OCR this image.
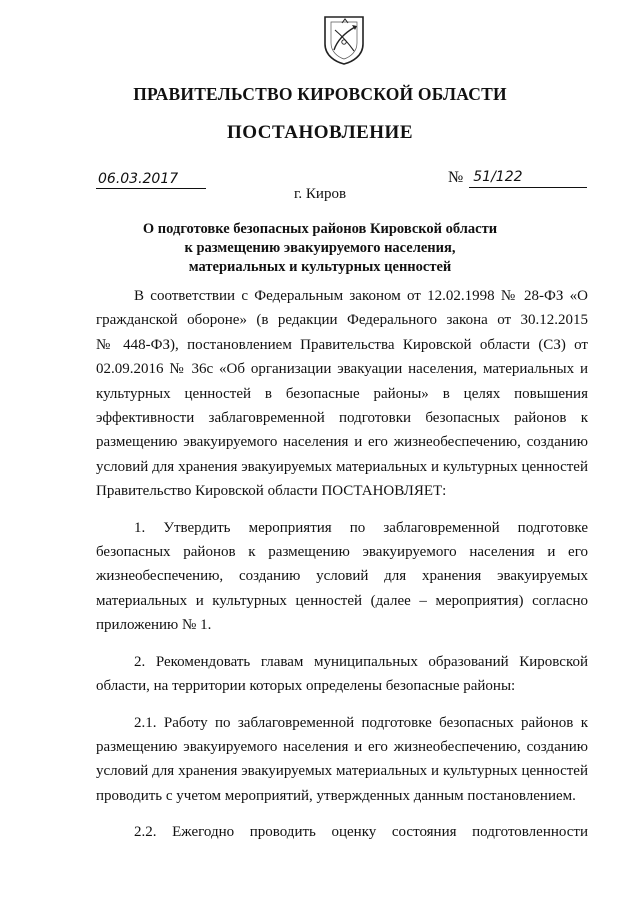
ПРАВИТЕЛЬСТВО КИРОВСКОЙ ОБЛАСТИ
ПОСТАНОВЛЕНИЕ
06.03.2017	№ 51/122
г. Киров
О подготовке безопасных районов Кировской области
к размещению эвакуируемого населения,
материальных и культурных ценностей

В соответствии с Федеральным законом от 12.02.1998 № 28-ФЗ «О
гражданской обороне» (в редакции Федерального закона от 30.12.2015
№ 448-ФЗ), постановлением Правительства Кировской области (СЗ) от
02.09.2016 № 36с «Об организации эвакуации населения, материальных и
культурных ценностей в безопасные районы» в целях повышения
эффективности заблаговременной подготовки безопасных районов к
размещению эвакуируемого населения и его жизнеобеспечению, созданию
условий для хранения эвакуируемых материальных и культурных ценностей
Правительство Кировской области ПОСТАНОВЛЯЕТ:

1. Утвердить мероприятия по заблаговременной подготовке
безопасных районов к размещению эвакуируемого населения и его
жизнеобеспечению, созданию условий для хранения эвакуируемых
материальных и культурных ценностей (далее – мероприятия) согласно
приложению № 1.

2. Рекомендовать главам муниципальных образований Кировской
области, на территории которых определены безопасные районы:

2.1. Работу по заблаговременной подготовке безопасных районов к
размещению эвакуируемого населения и его жизнеобеспечению, созданию
условий для хранения эвакуируемых материальных и культурных ценностей
проводить с учетом мероприятий, утвержденных данным постановлением.

2.2. Ежегодно проводить оценку состояния подготовленности
